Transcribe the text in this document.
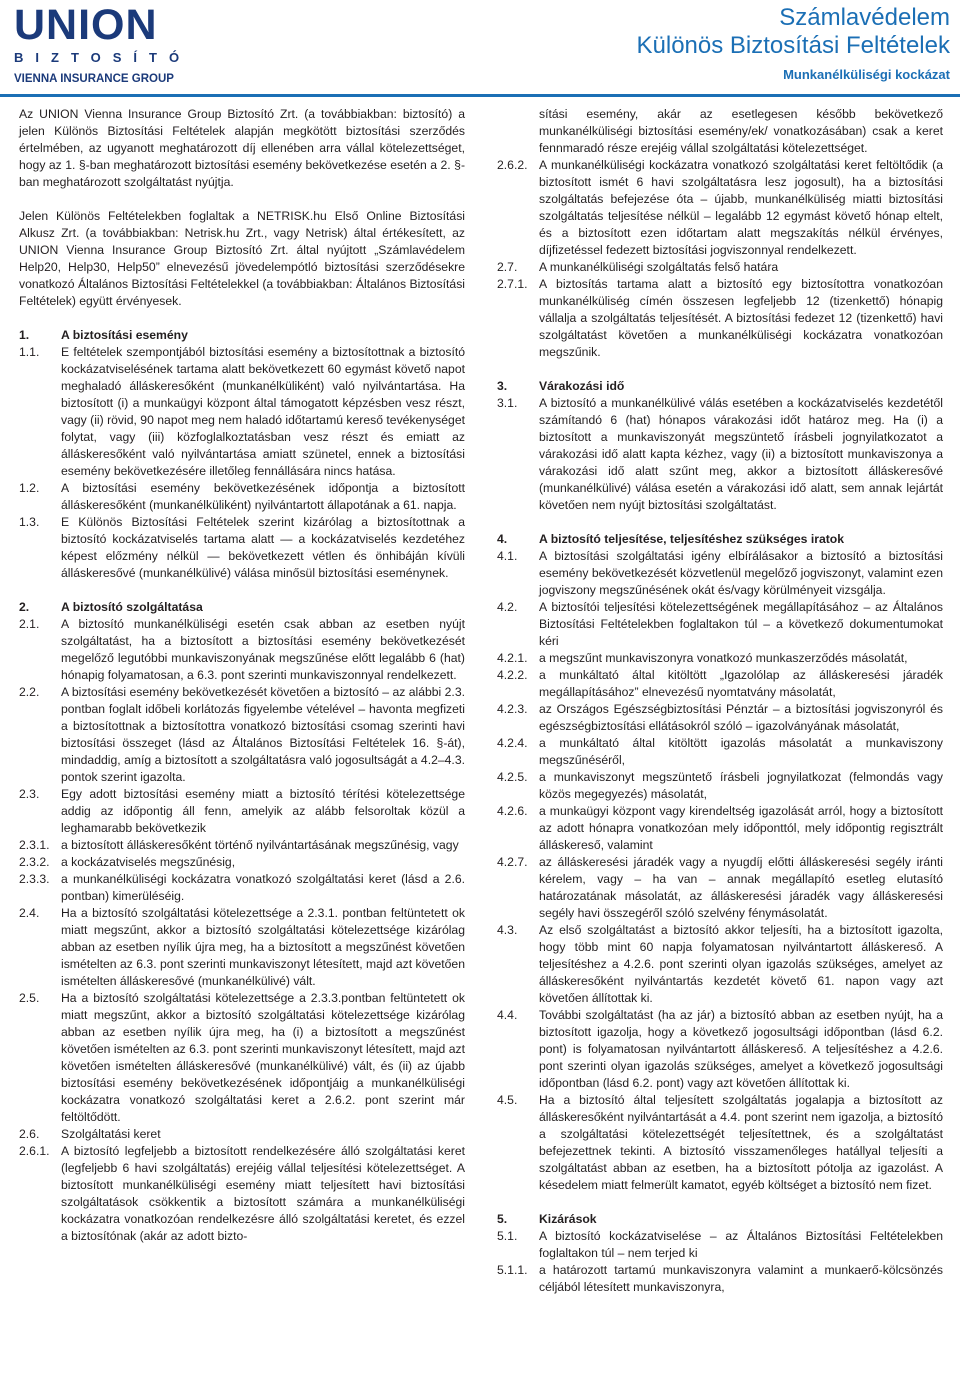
UNION
BIZTOSÍTÓ
VIENNA INSURANCE GROUP
Számlavédelem
Különös Biztosítási Feltételek
Munkanélküliségi kockázat

Az UNION Vienna Insurance Group Biztosító Zrt. (a továbbiakban: biztosító) a jelen Különös Biztosítási Feltételek alapján megkötött biztosítási szerződés értelmében, az ugyanott meghatározott díj ellenében arra vállal kötelezettséget, hogy az 1. §-ban meghatározott biztosítási esemény bekövetkezése esetén a 2. §-ban meghatározott szolgáltatást nyújtja.

Jelen Különös Feltételekben foglaltak a NETRISK.hu Első Online Biztosítási Alkusz Zrt. (a továbbiakban: Netrisk.hu Zrt., vagy Netrisk) által értékesített, az UNION Vienna Insurance Group Biztosító Zrt. által nyújtott „Számlavédelem Help20, Help30, Help50” elnevezésű jövedelempótló biztosítási szerződésekre vonatkozó Általános Biztosítási Feltételekkel (a továbbiakban: Általános Biztosítási Feltételek) együtt érvényesek.

1.	A biztosítási esemény
1.1.	E feltételek szempontjából biztosítási esemény a biztosítottnak a biztosító kockázatviselésének tartama alatt bekövetkezett 60 egymást követő napot meghaladó álláskeresőként (munkanélküliként) való nyilvántartása. Ha biztosított (i) a munkaügyi központ által támogatott képzésben vesz részt, vagy (ii) rövid, 90 napot meg nem haladó időtartamú kereső tevékenységet folytat, vagy (iii) közfoglalkoztatásban vesz részt és emiatt az álláskeresőként való nyilvántartása amiatt szünetel, ennek a biztosítási esemény bekövetkezésére illetőleg fennállására nincs hatása.
1.2.	A biztosítási esemény bekövetkezésének időpontja a biztosított álláskeresőként (munkanélküliként) nyilvántartott állapotának a 61. napja.
1.3.	E Különös Biztosítási Feltételek szerint kizárólag a biztosítottnak a biztosító kockázatviselés tartama alatt — a kockázatviselés kezdetéhez képest előzmény nélkül — bekövetkezett vétlen és önhibáján kívüli álláskeresővé (munkanélkülivé) válása minősül biztosítási eseménynek.
2.	A biztosító szolgáltatása
2.1.	A biztosító munkanélküliségi esetén csak abban az esetben nyújt szolgáltatást, ha a biztosított a biztosítási esemény bekövetkezését megelőző legutóbbi munkaviszonyának megszűnése előtt legalább 6 (hat) hónapig folyamatosan, a 6.3. pont szerinti munkaviszonnyal rendelkezett.
2.2.	A biztosítási esemény bekövetkezését követően a biztosító – az alábbi 2.3. pontban foglalt időbeli korlátozás figyelembe vételével – havonta megfizeti a biztosítottnak a biztosítottra vonatkozó biztosítási csomag szerinti havi biztosítási összeget (lásd az Általános Biztosítási Feltételek 16. §-át), mindaddig, amíg a biztosított a szolgáltatásra való jogosultságát a 4.2–4.3. pontok szerint igazolta.
2.3.	Egy adott biztosítási esemény miatt a biztosító térítési kötelezettsége addig az időpontig áll fenn, amelyik az alább felsoroltak közül a leghamarabb bekövetkezik
2.3.1. a biztosított álláskeresőként történő nyilvántartásának megszűnésig, vagy
2.3.2. a kockázatviselés megszűnésig,
2.3.3. a munkanélküliségi kockázatra vonatkozó szolgáltatási keret (lásd a 2.6. pontban) kimerüléséig.
2.4.	Ha a biztosító szolgáltatási kötelezettsége a 2.3.1. pontban feltüntetett ok miatt megszűnt, akkor a biztosító szolgáltatási kötelezettsége kizárólag abban az esetben nyílik újra meg, ha a biztosított a megszűnést követően ismételten az 6.3. pont szerinti munkaviszonyt létesített, majd azt követően ismételten álláskeresővé (munkanélkülivé) vált.
2.5.	Ha a biztosító szolgáltatási kötelezettsége a 2.3.3.pontban feltüntetett ok miatt megszűnt, akkor a biztosító szolgáltatási kötelezettsége kizárólag abban az esetben nyílik újra meg, ha (i) a biztosított a megszűnést követően ismételten az 6.3. pont szerinti munkaviszonyt létesített, majd azt követően ismételten álláskeresővé (munkanélkülivé) vált, és (ii) az újabb biztosítási esemény bekövetkezésének időpontjáig a munkanélküliségi kockázatra vonatkozó szolgáltatási keret a 2.6.2. pont szerint már feltöltődött.
2.6.	Szolgáltatási keret
2.6.1. A biztosító legfeljebb a biztosított rendelkezésére álló szolgáltatási keret (legfeljebb 6 havi szolgáltatás) erejéig vállal teljesítési kötelezettséget. A biztosított munkanélküliségi esemény miatt teljesített havi biztosítási szolgáltatások csökkentik a biztosított számára a munkanélküliségi kockázatra vonatkozóan rendelkezésre álló szolgáltatási keretet, és ezzel a biztosítónak (akár az adott bizto-

sítási esemény, akár az esetlegesen később bekövetkező munkanélküliségi biztosítási esemény/ek/ vonatkozásában) csak a keret fennmaradó része erejéig vállal szolgáltatási kötelezettséget.

2.6.2. A munkanélküliségi kockázatra vonatkozó szolgáltatási keret feltöltődik (a biztosított ismét 6 havi szolgáltatásra lesz jogosult), ha a biztosítási szolgáltatás befejezése óta – újabb, munkanélküliség miatti biztosítási szolgáltatás teljesítése nélkül – legalább 12 egymást követő hónap eltelt, és a biztosított ezen időtartam alatt megszakítás nélkül érvényes, díjfizetéssel fedezett biztosítási jogviszonnyal rendelkezett.
2.7.	A munkanélküliségi szolgáltatás felső határa
2.7.1. A biztosítás tartama alatt a biztosító egy biztosítottra vonatkozóan munkanélküliség címén összesen legfeljebb 12 (tizenkettő) hónapig vállalja a szolgáltatás teljesítését. A biztosítási fedezet 12 (tizenkettő) havi szolgáltatást követően a munkanélküliségi kockázatra vonatkozóan megszűnik.
3.	Várakozási idő
3.1.	A biztosító a munkanélkülivé válás esetében a kockázatviselés kezdetétől számítandó 6 (hat) hónapos várakozási időt határoz meg. Ha (i) a biztosított a munkaviszonyát megszüntető írásbeli jognyilatkozatot a várakozási idő alatt kapta kézhez, vagy (ii) a biztosított munkaviszonya a várakozási idő alatt szűnt meg, akkor a biztosított álláskeresővé (munkanélkülivé) válása esetén a várakozási idő alatt, sem annak lejártát követően nem nyújt biztosítási szolgáltatást.
4.	A biztosító teljesítése, teljesítéshez szükséges iratok
4.1.	A biztosítási szolgáltatási igény elbírálásakor a biztosító a biztosítási esemény bekövetkezését közvetlenül megelőző jogviszonyt, valamint ezen jogviszony megszűnésének okát és/vagy körülményeit vizsgálja.
4.2.	A biztosítói teljesítési kötelezettségének megállapításához – az Általános Biztosítási Feltételekben foglaltakon túl – a következő dokumentumokat kéri
4.2.1. a megszűnt munkaviszonyra vonatkozó munkaszerződés másolatát,
4.2.2. a munkáltató által kitöltött „Igazolólap az álláskeresési járadék megállapításához” elnevezésű nyomtatvány másolatát,
4.2.3. az Országos Egészségbiztosítási Pénztár – a biztosítási jogviszonyról és egészségbiztosítási ellátásokról szóló – igazolványának másolatát,
4.2.4. a munkáltató által kitöltött igazolás másolatát a munkaviszony megszűnéséről,
4.2.5. a munkaviszonyt megszüntető írásbeli jognyilatkozat (felmondás vagy közös megegyezés) másolatát,
4.2.6. a munkaügyi központ vagy kirendeltség igazolását arról, hogy a biztosított az adott hónapra vonatkozóan mely időponttól, mely időpontig regisztrált álláskereső, valamint
4.2.7. az álláskeresési járadék vagy a nyugdíj előtti álláskeresési segély iránti kérelem, vagy – ha van – annak megállapító esetleg elutasító határozatának másolatát, az álláskeresési járadék vagy álláskeresési segély havi összegéről szóló szelvény fénymásolatát.
4.3.	Az első szolgáltatást a biztosító akkor teljesíti, ha a biztosított igazolta, hogy több mint 60 napja folyamatosan nyilvántartott álláskereső. A teljesítéshez a 4.2.6. pont szerinti olyan igazolás szükséges, amelyet az álláskeresőként nyilvántartás kezdetét követő 61. napon vagy azt követően állítottak ki.
4.4.	További szolgáltatást (ha az jár) a biztosító abban az esetben nyújt, ha a biztosított igazolja, hogy a következő jogosultsági időpontban (lásd 6.2. pont) is folyamatosan nyilvántartott álláskereső. A teljesítéshez a 4.2.6. pont szerinti olyan igazolás szükséges, amelyet a következő jogosultsági időpontban (lásd 6.2. pont) vagy azt követően állítottak ki.
4.5.	Ha a biztosító által teljesített szolgáltatás jogalapja a biztosított az álláskeresőként nyilvántartását a 4.4. pont szerint nem igazolja, a biztosító a szolgáltatási kötelezettségét teljesítettnek, és a szolgáltatást befejezettnek tekinti. A biztosító visszamenőleges hatállyal teljesíti a szolgáltatást abban az esetben, ha a biztosított pótolja az igazolást. A késedelem miatt felmerült kamatot, egyéb költséget a biztosító nem fizet.
5.	Kizárások
5.1.	A biztosító kockázatviselése – az Általános Biztosítási Feltételekben foglaltakon túl – nem terjed ki
5.1.1. a határozott tartamú munkaviszonyra valamint a munkaerő-kölcsönzés céljából létesített munkaviszonyra,
